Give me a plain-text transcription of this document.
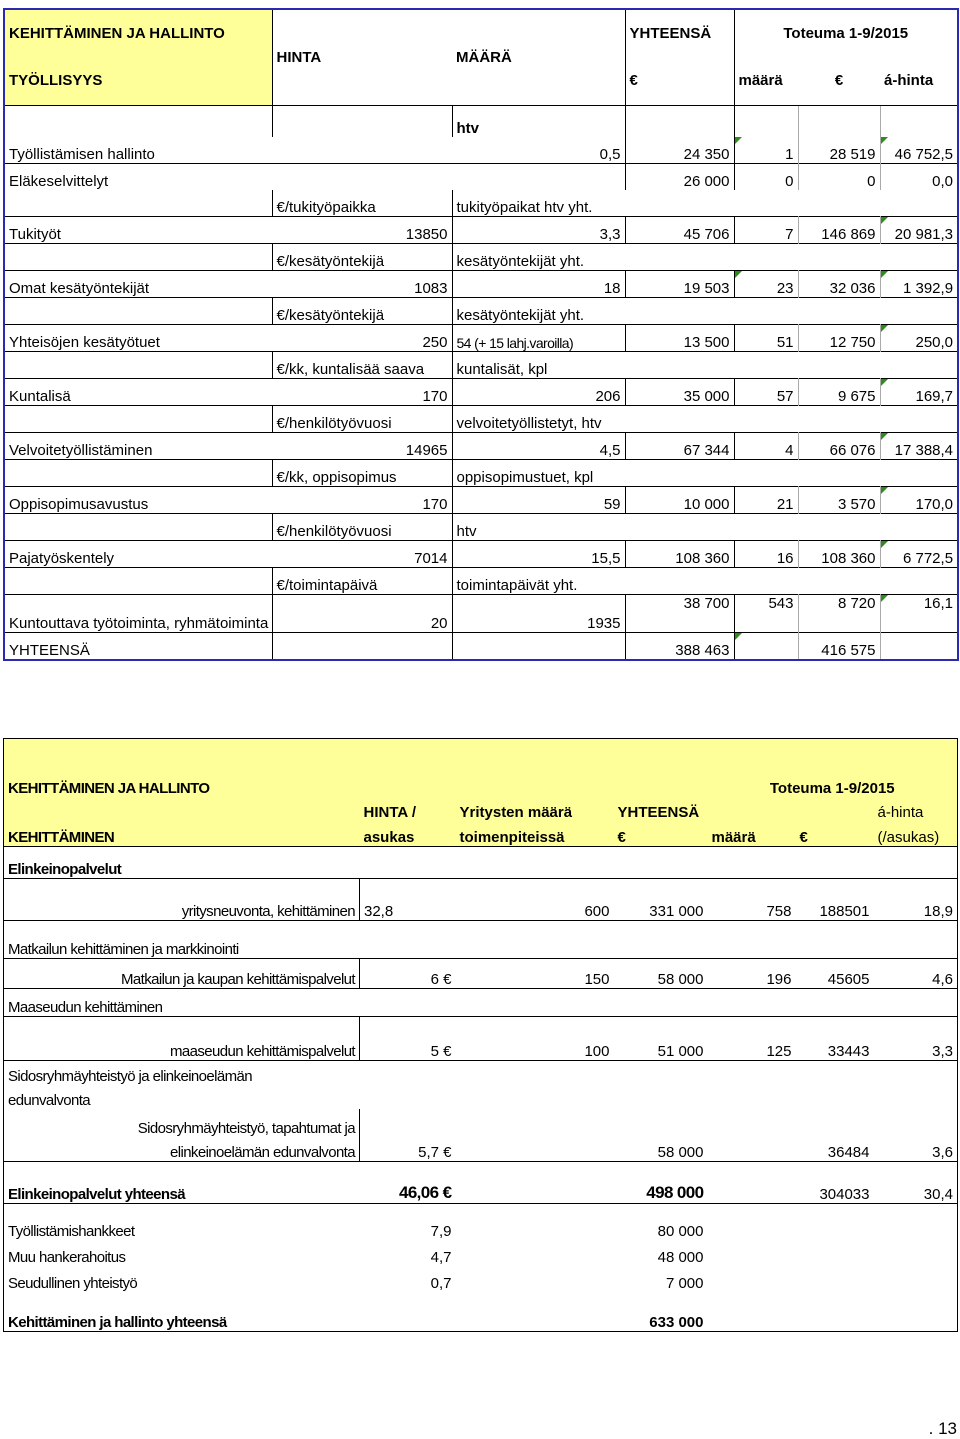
KEHITTÄMINEN JA HALLINTO	HINTA	MÄÄRÄ	YHTEENSÄ	Toteuma 1-9/2015		
TYÖLLISYYS			€	määrä	€	á-hinta
		htv				
Työllistämisen hallinto		0,5	24 350	1	28 519	46 752,5
Eläkeselvittelyt			26 000	0	0	0,0
	€/tukityöpaikka	tukityöpaikat htv yht.				
Tukityöt	13850	3,3	45 706	7	146 869	20 981,3
	€/kesätyöntekijä	kesätyöntekijät yht.				
Omat kesätyöntekijät	1083	18	19 503	23	32 036	1 392,9
	€/kesätyöntekijä	kesätyöntekijät yht.				
Yhteisöjen kesätyötuet	250	54 (+ 15 lahj.varoilla)	13 500	51	12 750	250,0
	€/kk, kuntalisää saava	kuntalisät, kpl				
Kuntalisä	170	206	35 000	57	9 675	169,7
	€/henkilötyövuosi	velvoitetyöllistetyt, htv				
Velvoitetyöllistäminen	14965	4,5	67 344	4	66 076	17 388,4
	€/kk, oppisopimus	oppisopimustuet, kpl				
Oppisopimusavustus	170	59	10 000	21	3 570	170,0
	€/henkilötyövuosi	htv				
Pajatyöskentely	7014	15,5	108 360	16	108 360	6 772,5
	€/toimintapäivä	toimintapäivät yht.				
Kuntouttava työtoiminta, ryhmätoiminta	20	1935	38 700	543	8 720	16,1
YHTEENSÄ			388 463		416 575	

KEHITTÄMINEN JA HALLINTO				Toteuma 1-9/2015		
	HINTA /	Yritysten määrä	YHTEENSÄ			á-hinta
KEHITTÄMINEN	asukas	toimenpiteissä	€	määrä	€	(/asukas)
Elinkeinopalvelut						
yritysneuvonta, kehittäminen	32,8	600	331 000	758	188501	18,9
Matkailun kehittäminen ja markkinointi						
Matkailun ja kaupan kehittämispalvelut	6 €	150	58 000	196	45605	4,6
Maaseudun kehittäminen						
maaseudun kehittämispalvelut	5 €	100	51 000	125	33443	3,3
Sidosryhmäyhteistyö ja elinkeinoelämän						
edunvalvonta						
Sidosryhmäyhteistyö, tapahtumat ja						
elinkeinoelämän edunvalvonta	5,7 €		58 000		36484	3,6
Elinkeinopalvelut yhteensä	46,06 €		498 000		304033	30,4
Työllistämishankkeet	7,9		80 000			
Muu hankerahoitus	4,7		48 000			
Seudullinen yhteistyö	0,7		7 000			
Kehittäminen ja hallinto yhteensä			633 000			
. 13
